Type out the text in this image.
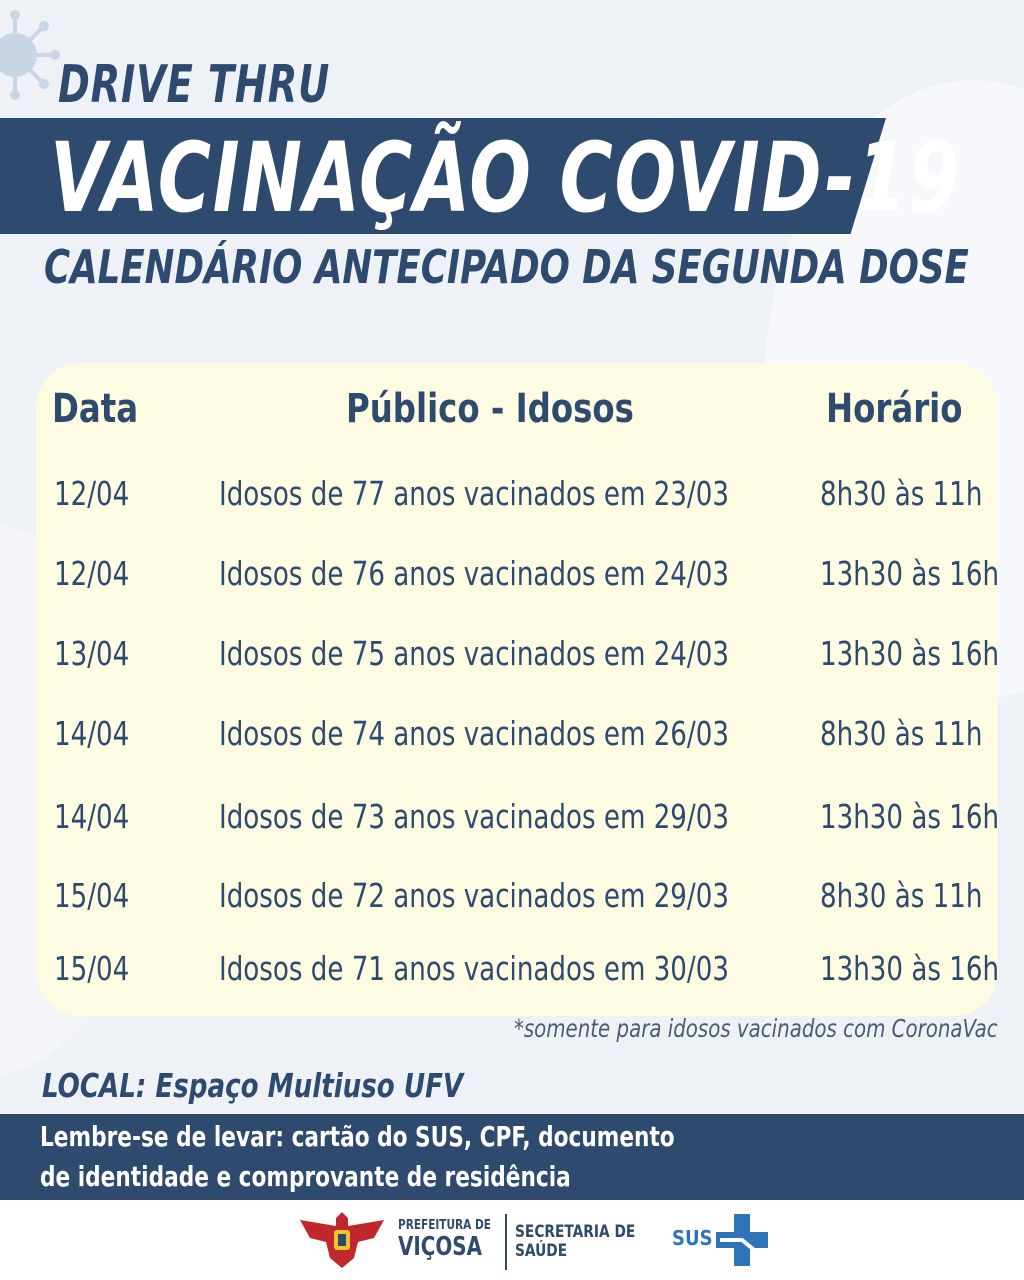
DRIVE THRU
VACINAÇÃO COVID-19
CALENDÁRIO ANTECIPADO DA SEGUNDA DOSE
Data	Público - Idosos	Horário
12/04	Idosos de 77 anos vacinados em 23/03	8h30 às 11h
12/04	Idosos de 76 anos vacinados em 24/03	13h30 às 16h
13/04	Idosos de 75 anos vacinados em 24/03	13h30 às 16h
14/04	Idosos de 74 anos vacinados em 26/03	8h30 às 11h
14/04	Idosos de 73 anos vacinados em 29/03	13h30 às 16h
15/04	Idosos de 72 anos vacinados em 29/03	8h30 às 11h
15/04	Idosos de 71 anos vacinados em 30/03	13h30 às 16h
*somente para idosos vacinados com CoronaVac
LOCAL: Espaço Multiuso UFV
Lembre-se de levar: cartão do SUS, CPF, documento
de identidade e comprovante de residência
PREFEITURA DE
VIÇOSA SECRETARIA DE
SAÚDE
SUS
